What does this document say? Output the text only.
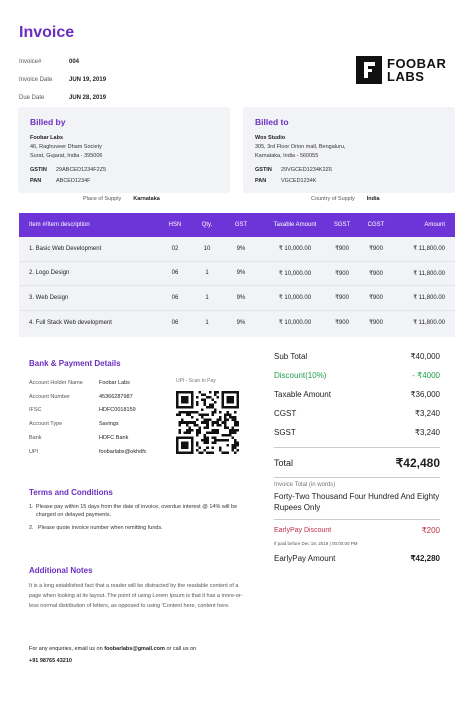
Invoice
Invoice#	004
Invoice Date	JUN 19, 2019
Due Date	JUN 28, 2019
FOOBAR
LABS
Billed by
Foobar Labs
46, Raghuveer Dham Society
Surat, Gujarat, India - 395006
GSTIN	29ABCED1234F2Z5
PAN	ABCED1234F
Billed to
Wox Studio
305, 3rd Floor Orion mall, Bengaluru,
Karnataka, India - 560055
GSTIN	29VGCED1234K2Z6
PAN	VGCED1234K
Place of Supply Karnataka	Country of Supply India
Item #/Item description	HSN	Qty.	GST	Taxable Amount	SGST	CGST	Amount
1. Basic Web Development	02	10	9%	₹ 10,000.00	₹900	₹900	₹ 11,800.00
2. Logo Design	06	1	9%	₹ 10,000.00	₹900	₹900	₹ 11,800.00
3. Web Design	06	1	9%	₹ 10,000.00	₹900	₹900	₹ 11,800.00
4. Full Stack Web development	06	1	9%	₹ 10,000.00	₹900	₹900	₹ 11,800.00
Bank & Payment Details
Account Holder Name	Foobar Labs
Account Number	45366287987
IFSC	HDFC0018159
Account Type	Savings
Bank	HDFC Bank
UPI	foobarlabs@okhdfc
UPI - Scan to Pay
Sub Total	₹40,000
Discount(10%)	- ₹4000
Taxable Amount	₹36,000
CGST	₹3,240
SGST	₹3,240
Total	₹42,480
Invoice Total (in words)
Forty-Two Thousand Four Hundred And Eighty Rupees Only
EarlyPay Discount	₹200
If paid before Dec 19, 2019 | 00:00:00 PM
EarlyPay Amount	₹42,280
Terms and Conditions
1. Please pay within 15 days from the date of invoice, overdue interest @ 14% will be charged on delayed payments.
2. Please quote invoice number when remitting funds.
Additional Notes
It is a long established fact that a reader will be distracted by the readable content of a page when looking at its layout. The point of using Lorem Ipsum is that it has a more-or-less normal distribution of letters, as opposed to using 'Content here, content here.
For any enquiries, email us on foobarlabs@gmail.com or call us on
+91 98765 43210
